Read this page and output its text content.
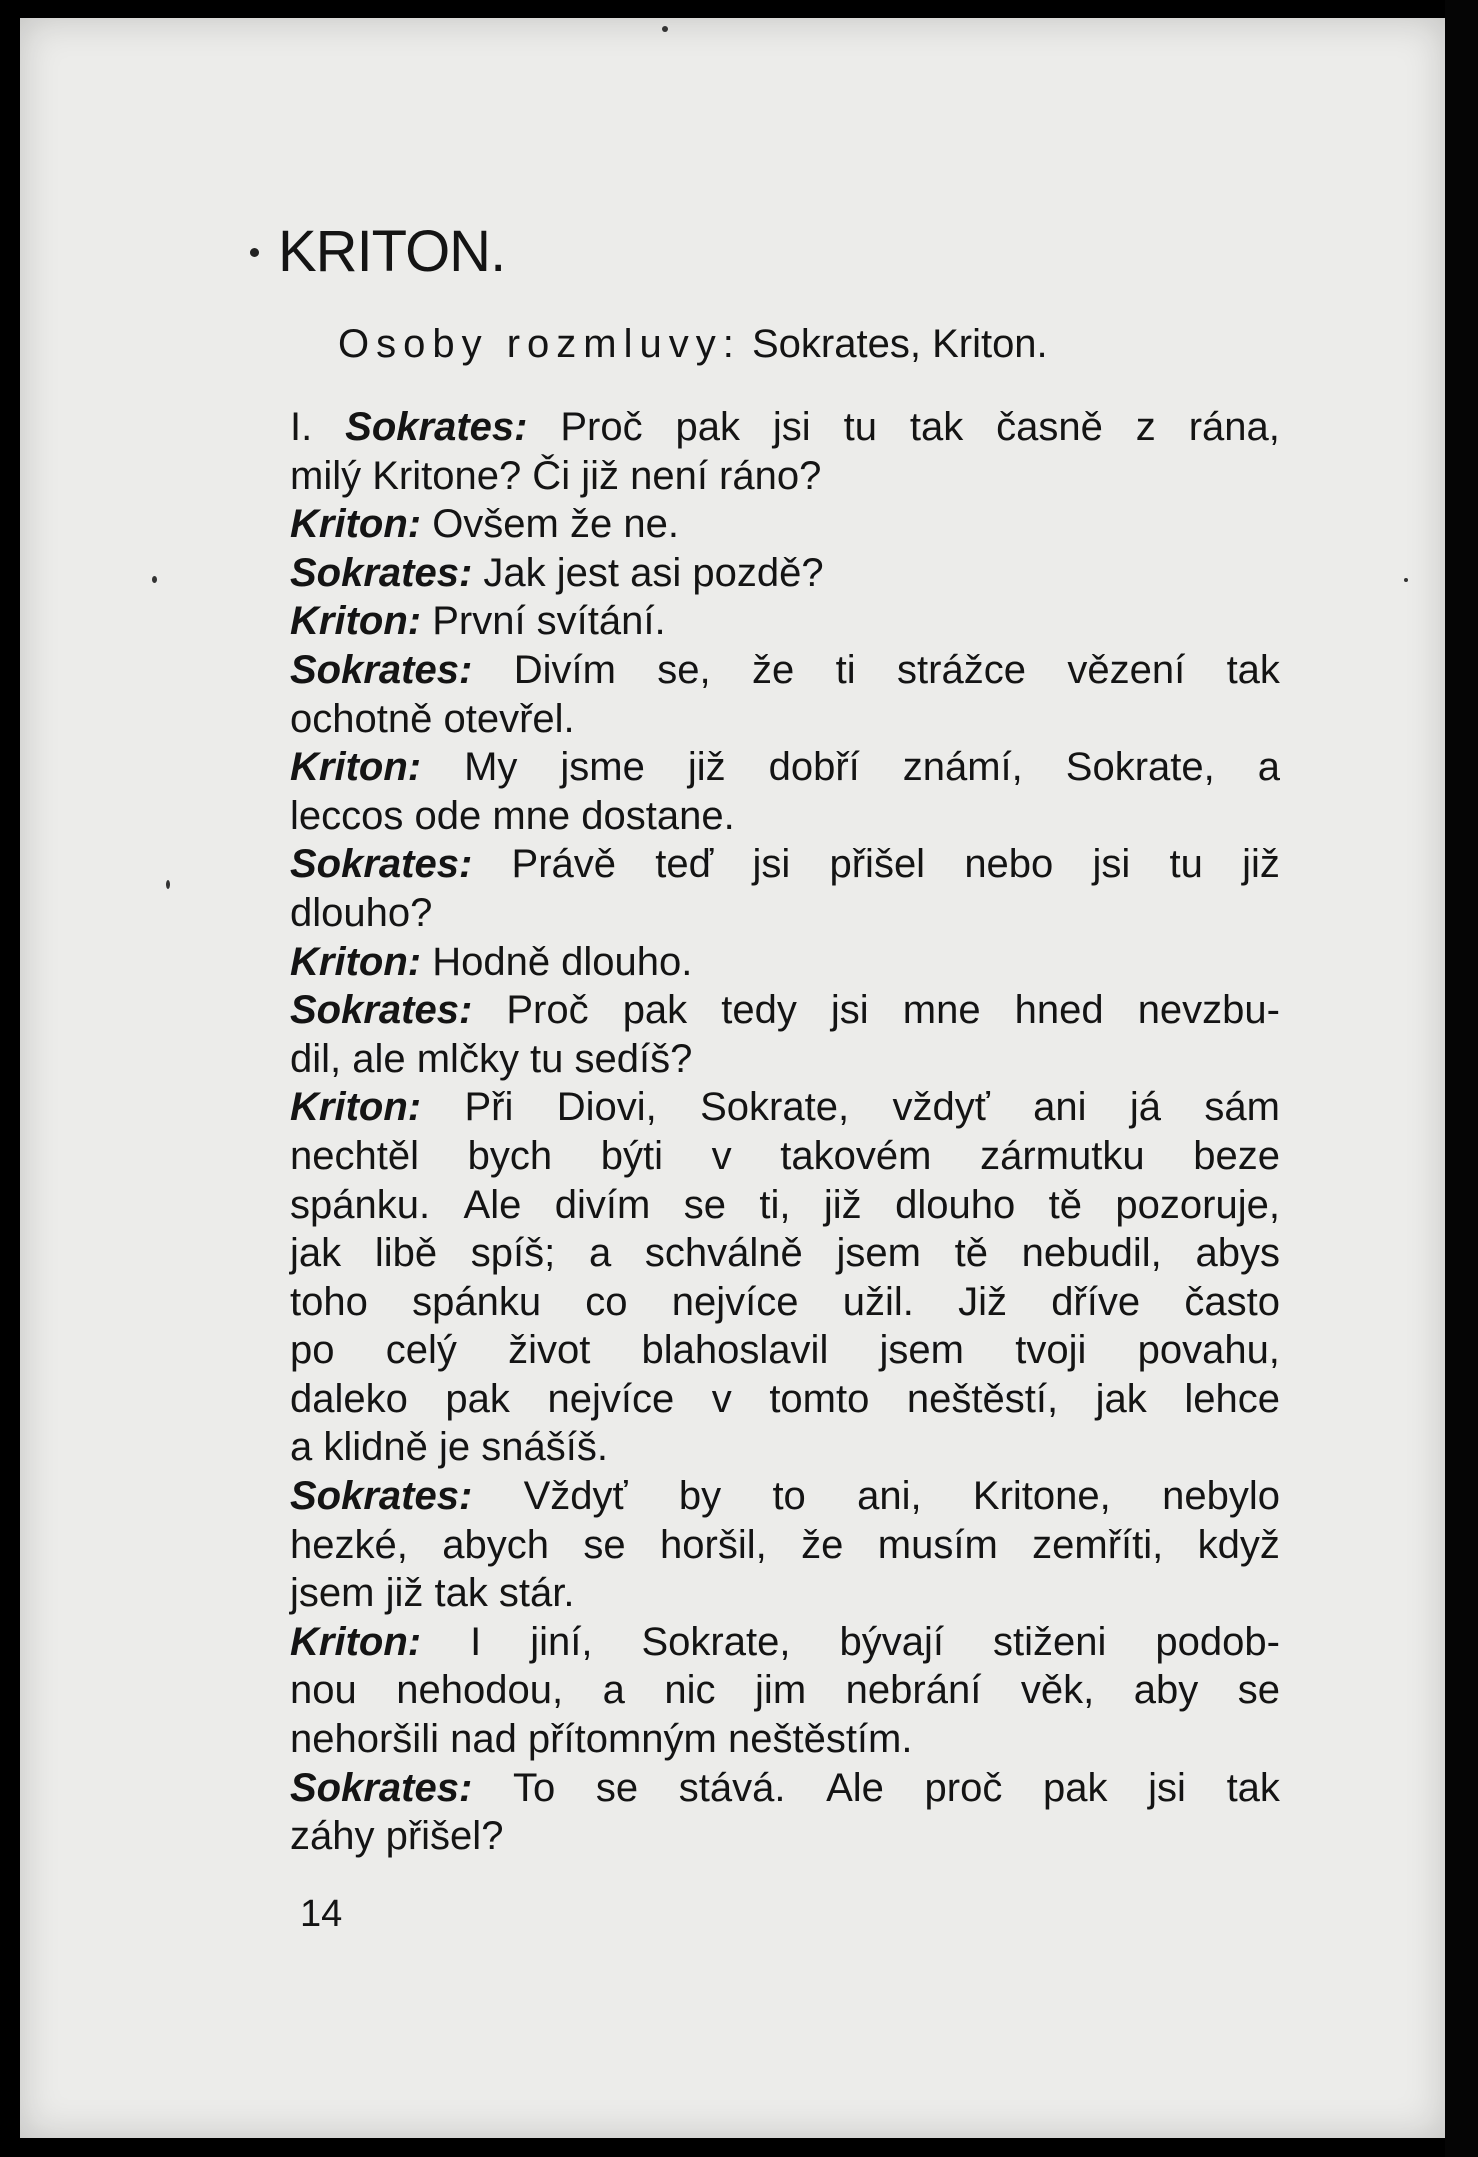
KRITON.
Osoby rozmluvy: Sokrates, Kriton.
I. Sokrates: Proč pak jsi tu tak časně z rána,
milý Kritone? Či již není ráno?
Kriton: Ovšem že ne.
Sokrates: Jak jest asi pozdě?
Kriton: První svítání.
Sokrates: Divím se, že ti strážce vězení tak
ochotně otevřel.
Kriton: My jsme již dobří známí, Sokrate, a
leccos ode mne dostane.
Sokrates: Právě teď jsi přišel nebo jsi tu již
dlouho?
Kriton: Hodně dlouho.
Sokrates: Proč pak tedy jsi mne hned nevzbu-
dil, ale mlčky tu sedíš?
Kriton: Při Diovi, Sokrate, vždyť ani já sám
nechtěl bych býti v takovém zármutku beze
spánku. Ale divím se ti, již dlouho tě pozoruje,
jak libě spíš; a schválně jsem tě nebudil, abys
toho spánku co nejvíce užil. Již dříve často
po celý život blahoslavil jsem tvoji povahu,
daleko pak nejvíce v tomto neštěstí, jak lehce
a klidně je snášíš.
Sokrates: Vždyť by to ani, Kritone, nebylo
hezké, abych se horšil, že musím zemříti, když
jsem již tak stár.
Kriton: I jiní, Sokrate, bývají stiženi podob-
nou nehodou, a nic jim nebrání věk, aby se
nehoršili nad přítomným neštěstím.
Sokrates: To se stává. Ale proč pak jsi tak
záhy přišel?
14
